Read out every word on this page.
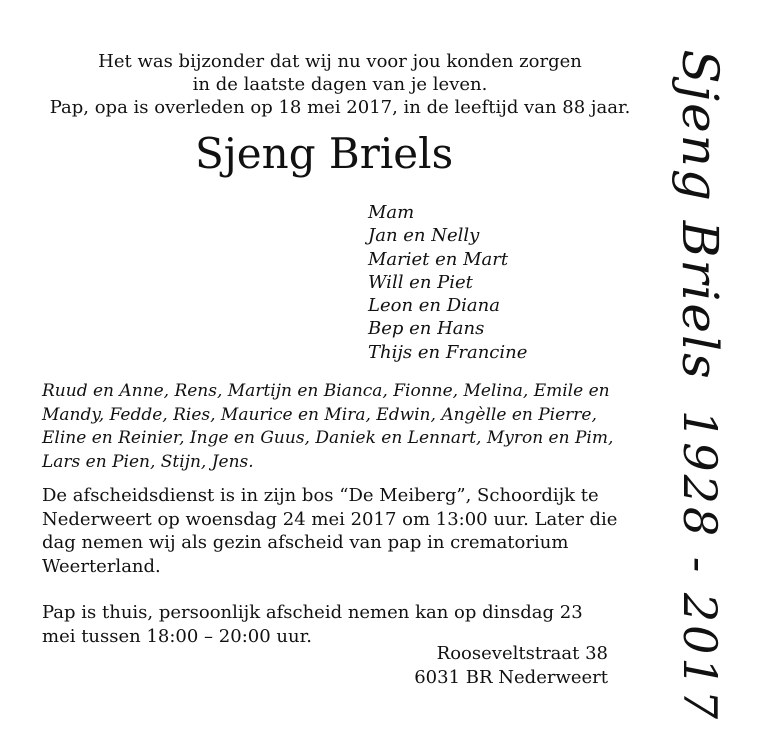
Het was bijzonder dat wij nu voor jou konden zorgen
in de laatste dagen van je leven.
Pap, opa is overleden op 18 mei 2017, in de leeftijd van 88 jaar.
Sjeng Briels
Mam
Jan en Nelly
Mariet en Mart
Will en Piet
Leon en Diana
Bep en Hans
Thijs en Francine
Ruud en Anne, Rens, Martijn en Bianca, Fionne, Melina, Emile en
Mandy, Fedde, Ries, Maurice en Mira, Edwin, Angèlle en Pierre,
Eline en Reinier, Inge en Guus, Daniek en Lennart, Myron en Pim,
Lars en Pien, Stijn, Jens.
De afscheidsdienst is in zijn bos “De Meiberg”, Schoordijk te
Nederweert op woensdag 24 mei 2017 om 13:00 uur. Later die
dag nemen wij als gezin afscheid van pap in crematorium
Weerterland.
Pap is thuis, persoonlijk afscheid nemen kan op dinsdag 23
mei tussen 18:00 – 20:00 uur.
Rooseveltstraat 38
6031 BR Nederweert
Sjeng Briels
1928 - 2017
